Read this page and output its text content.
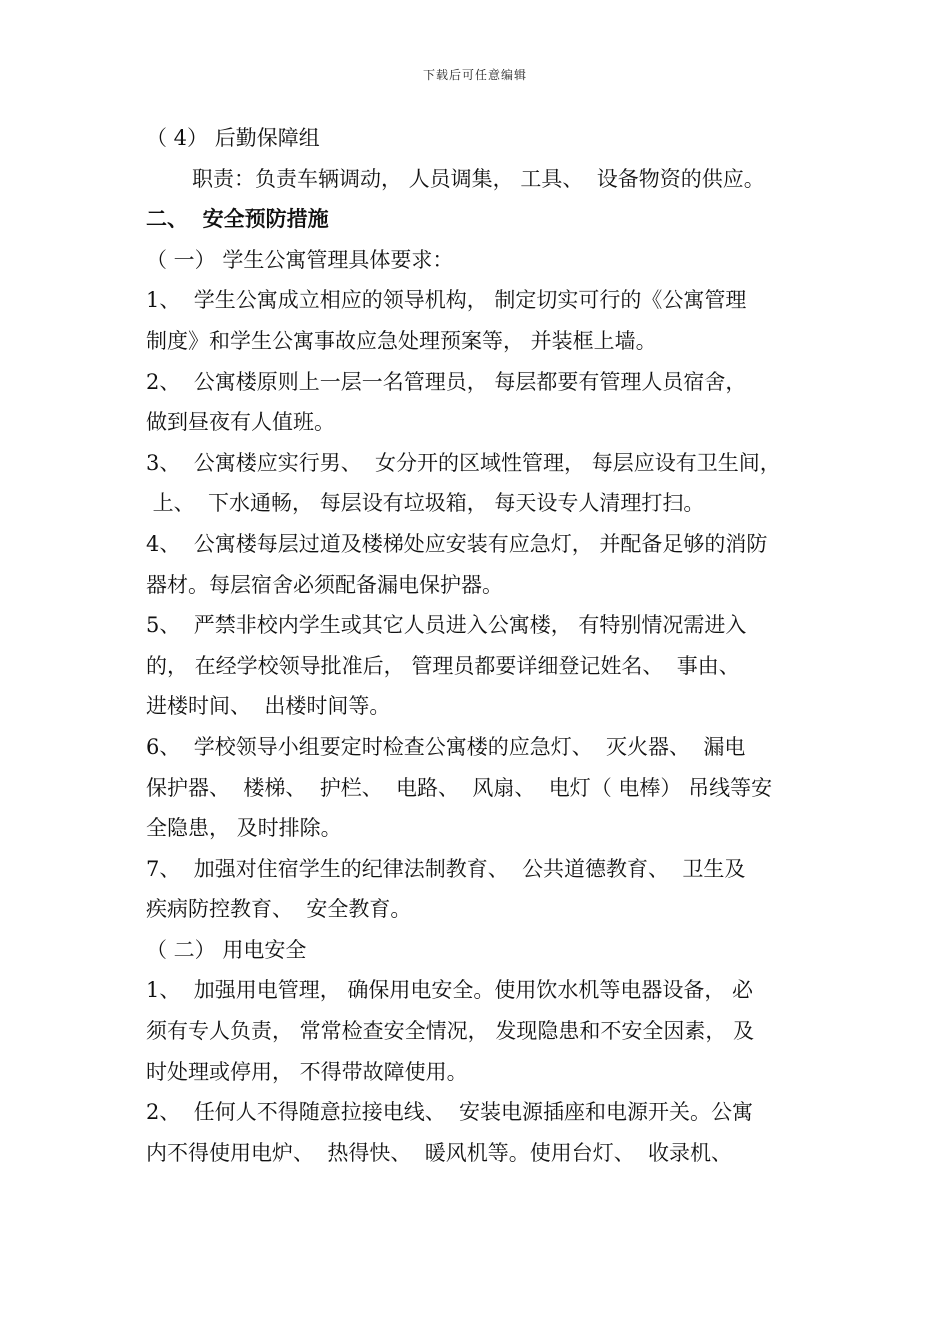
下载后可任意编辑
（ 4） 后勤保障组
职责：负责车辆调动， 人员调集， 工具、  设备物资的供应。
二、  安全预防措施
（ 一） 学生公寓管理具体要求：
1、  学生公寓成立相应的领导机构， 制定切实可行的《公寓管理
制度》和学生公寓事故应急处理预案等， 并装框上墙。
2、  公寓楼原则上一层一名管理员， 每层都要有管理人员宿舍，
做到昼夜有人值班。
3、  公寓楼应实行男、  女分开的区域性管理， 每层应设有卫生间，
上、  下水通畅， 每层设有垃圾箱， 每天设专人清理打扫。
4、  公寓楼每层过道及楼梯处应安装有应急灯， 并配备足够的消防
器材。每层宿舍必须配备漏电保护器。
5、  严禁非校内学生或其它人员进入公寓楼， 有特别情况需进入
的， 在经学校领导批准后， 管理员都要详细登记姓名、  事由、
进楼时间、  出楼时间等。
6、  学校领导小组要定时检查公寓楼的应急灯、  灭火器、  漏电
保护器、  楼梯、  护栏、  电路、  风扇、  电灯（ 电棒） 吊线等安
全隐患， 及时排除。
7、  加强对住宿学生的纪律法制教育、  公共道德教育、  卫生及
疾病防控教育、  安全教育。
（ 二） 用电安全
1、  加强用电管理， 确保用电安全。使用饮水机等电器设备， 必
须有专人负责， 常常检查安全情况， 发现隐患和不安全因素， 及
时处理或停用， 不得带故障使用。
2、  任何人不得随意拉接电线、  安装电源插座和电源开关。公寓
内不得使用电炉、  热得快、  暖风机等。使用台灯、  收录机、
